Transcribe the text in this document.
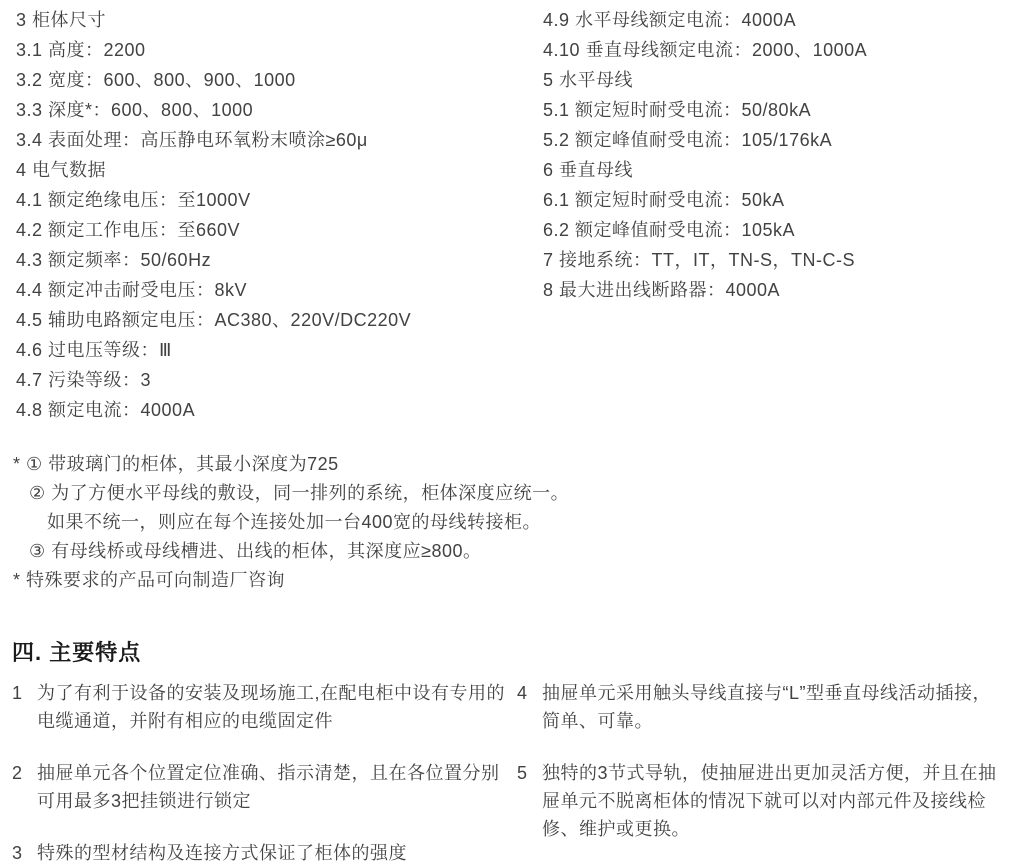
3 柜体尺寸
3.1 高度：2200
3.2 宽度：600、800、900、1000
3.3 深度*：600、800、1000
3.4 表面处理：高压静电环氧粉末喷涂≥60μ
4 电气数据
4.1 额定绝缘电压：至1000V
4.2 额定工作电压：至660V
4.3 额定频率：50/60Hz
4.4 额定冲击耐受电压：8kV
4.5 辅助电路额定电压：AC380、220V/DC220V
4.6 过电压等级：Ⅲ
4.7 污染等级：3
4.8 额定电流：4000A
4.9 水平母线额定电流：4000A
4.10 垂直母线额定电流：2000、1000A
5 水平母线
5.1 额定短时耐受电流：50/80kA
5.2 额定峰值耐受电流：105/176kA
6 垂直母线
6.1 额定短时耐受电流：50kA
6.2 额定峰值耐受电流：105kA
7 接地系统：TT，IT，TN-S，TN-C-S
8 最大进出线断路器：4000A
* ① 带玻璃门的柜体，其最小深度为725
② 为了方便水平母线的敷设，同一排列的系统，柜体深度应统一。
如果不统一，则应在每个连接处加一台400宽的母线转接柜。
③ 有母线桥或母线槽进、出线的柜体，其深度应≥800。
* 特殊要求的产品可向制造厂咨询
四. 主要特点
1 为了有利于设备的安装及现场施工,在配电柜中设有专用的电缆通道，并附有相应的电缆固定件
2 抽屉单元各个位置定位准确、指示清楚，且在各位置分别可用最多3把挂锁进行锁定
3 特殊的型材结构及连接方式保证了柜体的强度
4 抽屉单元采用触头导线直接与“L”型垂直母线活动插接，简单、可靠。
5 独特的3节式导轨，使抽屉进出更加灵活方便，并且在抽屉单元不脱离柜体的情况下就可以对内部元件及接线检修、维护或更换。
